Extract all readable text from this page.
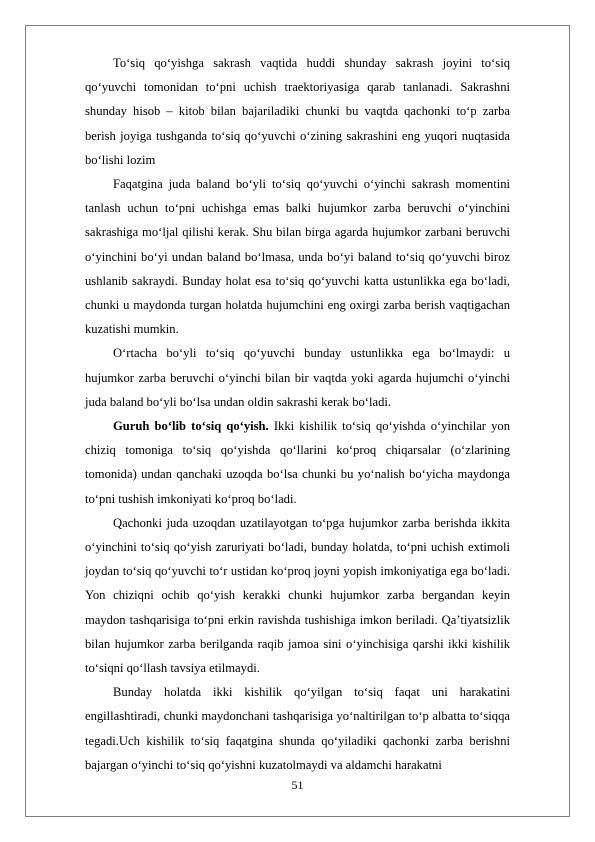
To‘siq qo‘yishga sakrash vaqtida huddi shunday sakrash joyini to‘siq qo‘yuvchi tomonidan to‘pni uchish traektoriyasiga qarab tanlanadi. Sakrashni shunday hisob – kitob bilan bajariladiki chunki bu vaqtda qachonki to‘p zarba berish joyiga tushganda to‘siq qo‘yuvchi o‘zining sakrashini eng yuqori nuqtasida bo‘lishi lozim

Faqatgina juda baland bo‘yli to‘siq qo‘yuvchi o‘yinchi sakrash momentini tanlash uchun to‘pni uchishga emas balki hujumkor zarba beruvchi o‘yinchini sakrashiga mo‘ljal qilishi kerak. Shu bilan birga agarda hujumkor zarbani beruvchi o‘yinchini bo‘yi undan baland bo‘lmasa, unda bo‘yi baland to‘siq qo‘yuvchi biroz ushlanib sakraydi. Bunday holat esa to‘siq qo‘yuvchi katta ustunlikka ega bo‘ladi, chunki u maydonda turgan holatda hujumchini eng oxirgi zarba berish vaqtigachan kuzatishi mumkin.

O‘rtacha bo‘yli to‘siq qo‘yuvchi bunday ustunlikka ega bo‘lmaydi: u hujumkor zarba beruvchi o‘yinchi bilan bir vaqtda yoki agarda hujumchi o‘yinchi juda baland bo‘yli bo‘lsa undan oldin sakrashi kerak bo‘ladi.

Guruh bo‘lib to‘siq qo‘yish. Ikki kishilik to‘siq qo‘yishda o‘yinchilar yon chiziq tomoniga to‘siq qo‘yishda qo‘llarini ko‘proq chiqarsalar (o‘zlarining tomonida) undan qanchaki uzoqda bo‘lsa chunki bu yo‘nalish bo‘yicha maydonga to‘pni tushish imkoniyati ko‘proq bo‘ladi.

Qachonki juda uzoqdan uzatilayotgan to‘pga hujumkor zarba berishda ikkita o‘yinchini to‘siq qo‘yish zaruriyati bo‘ladi, bunday holatda, to‘pni uchish extimoli joydan to‘siq qo‘yuvchi to‘r ustidan ko‘proq joyni yopish imkoniyatiga ega bo‘ladi. Yon chiziqni ochib qo‘yish kerakki chunki hujumkor zarba bergandan keyin maydon tashqarisiga to‘pni erkin ravishda tushishiga imkon beriladi. Qa’tiyatsizlik bilan hujumkor zarba berilganda raqib jamoa sini o‘yinchisiga qarshi ikki kishilik to‘siqni qo‘llash tavsiya etilmaydi.

Bunday holatda ikki kishilik qo‘yilgan to‘siq faqat uni harakatini engillashtiradi, chunki maydonchani tashqarisiga yo‘naltirilgan to‘p albatta to‘siqqa tegadi.Uch kishilik to‘siq faqatgina shunda qo‘yiladiki qachonki zarba berishni bajargan o‘yinchi to‘siq qo‘yishni kuzatolmaydi va aldamchi harakatni

51
